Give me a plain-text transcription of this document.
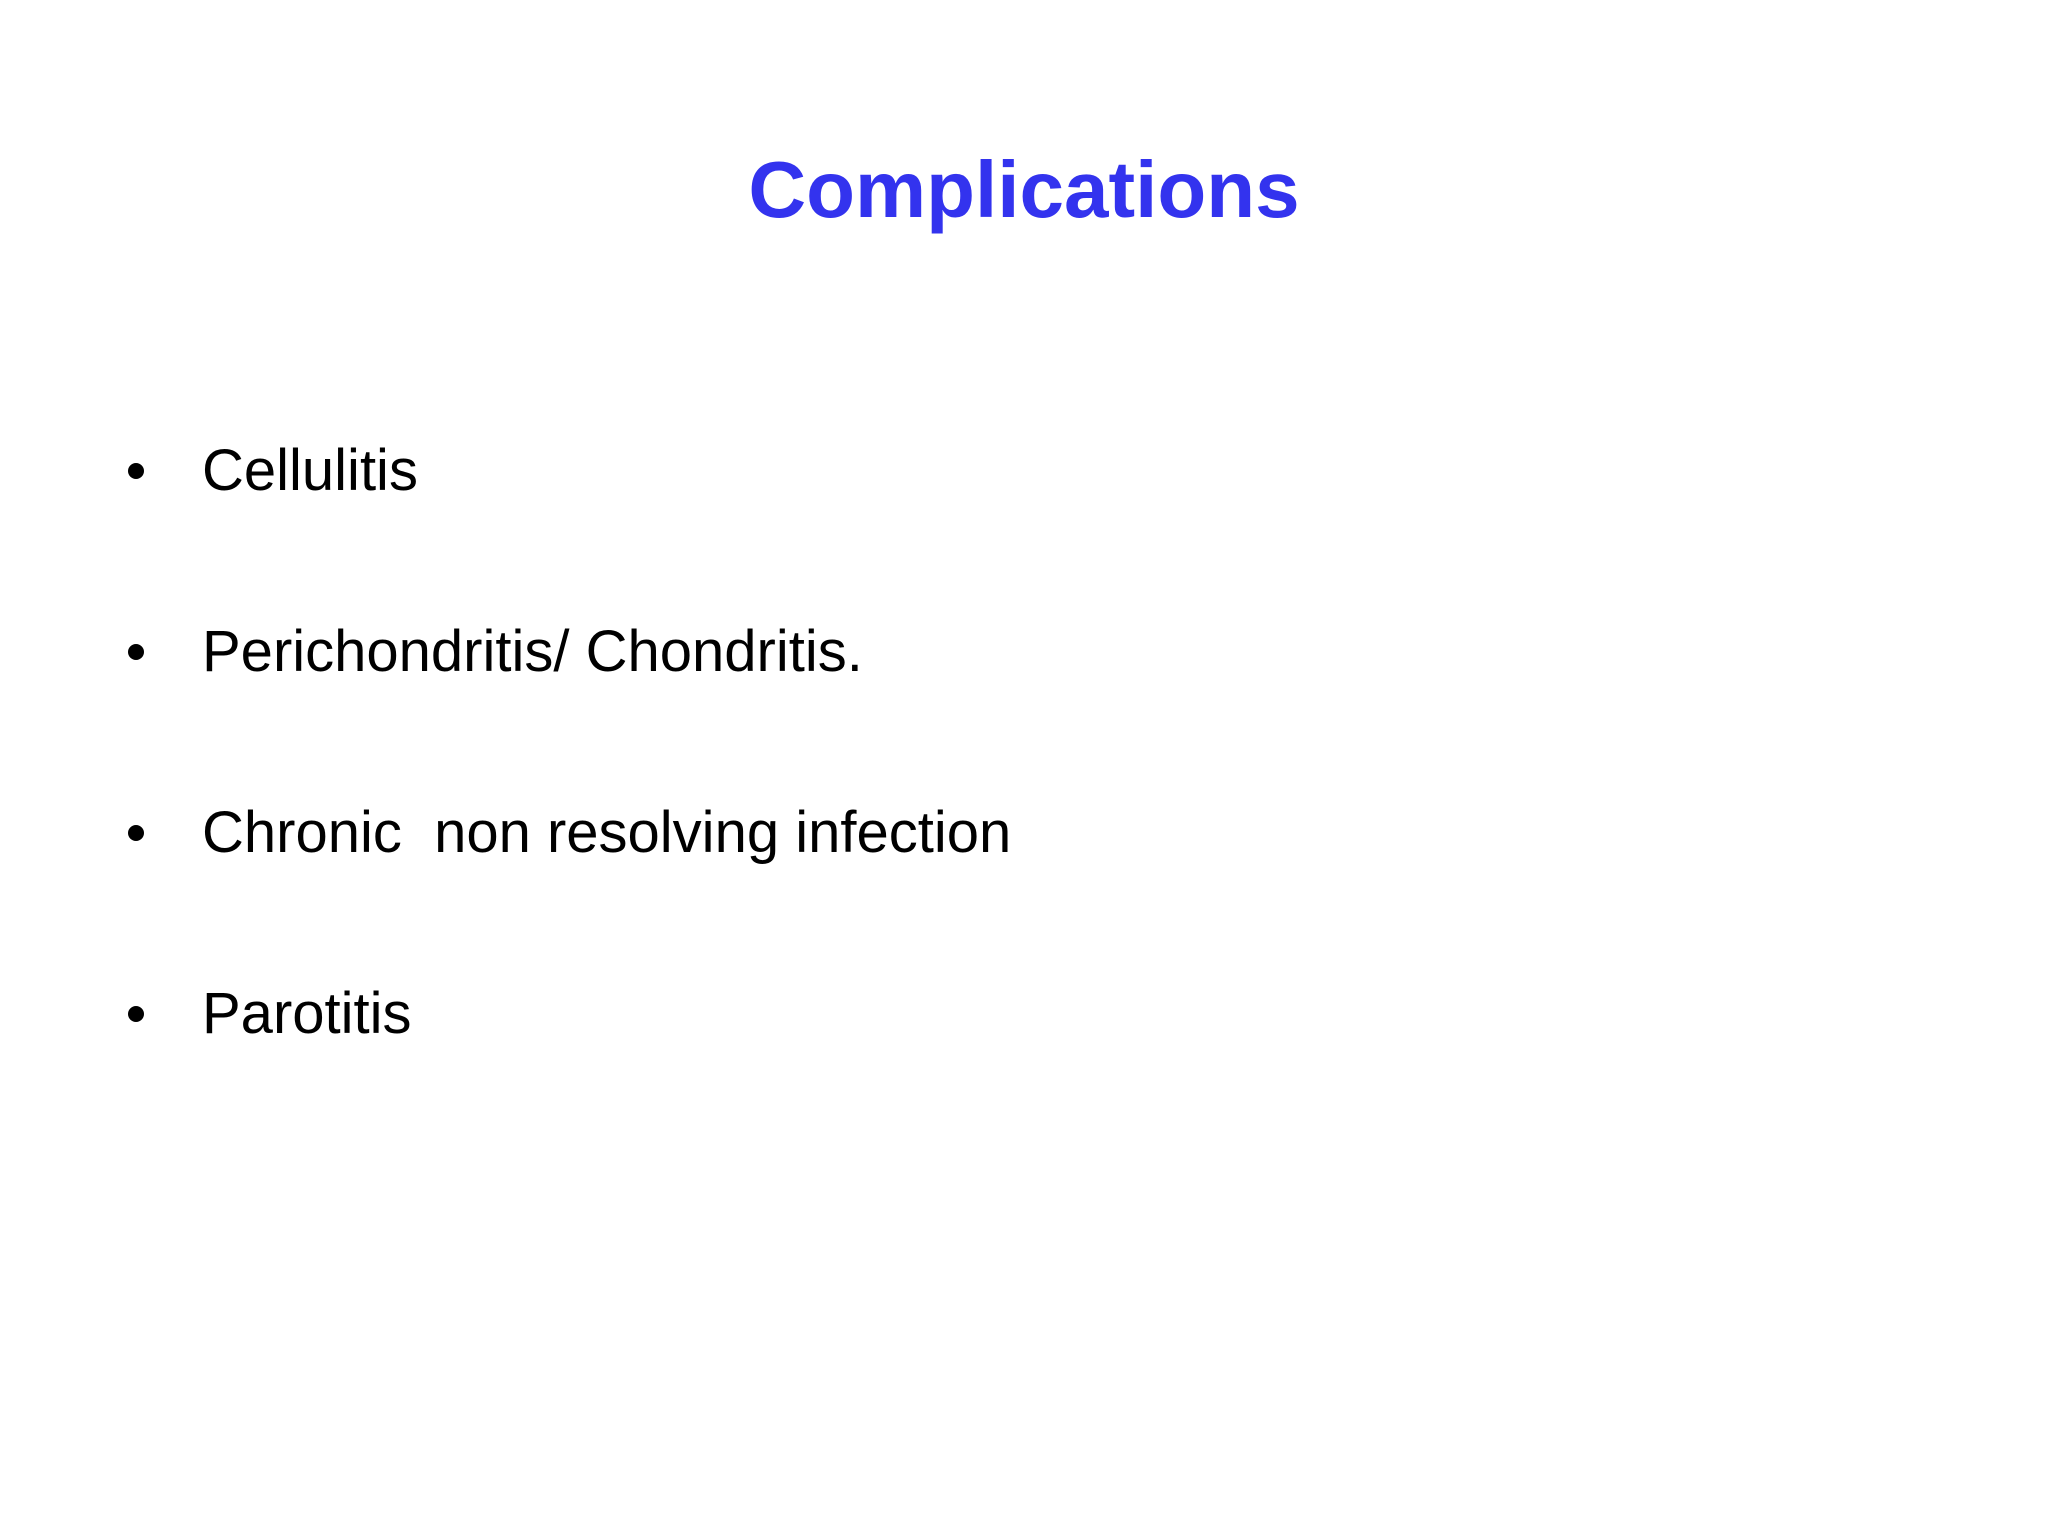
Complications

Cellulitis

Perichondritis/ Chondritis.

Chronic  non resolving infection

Parotitis
